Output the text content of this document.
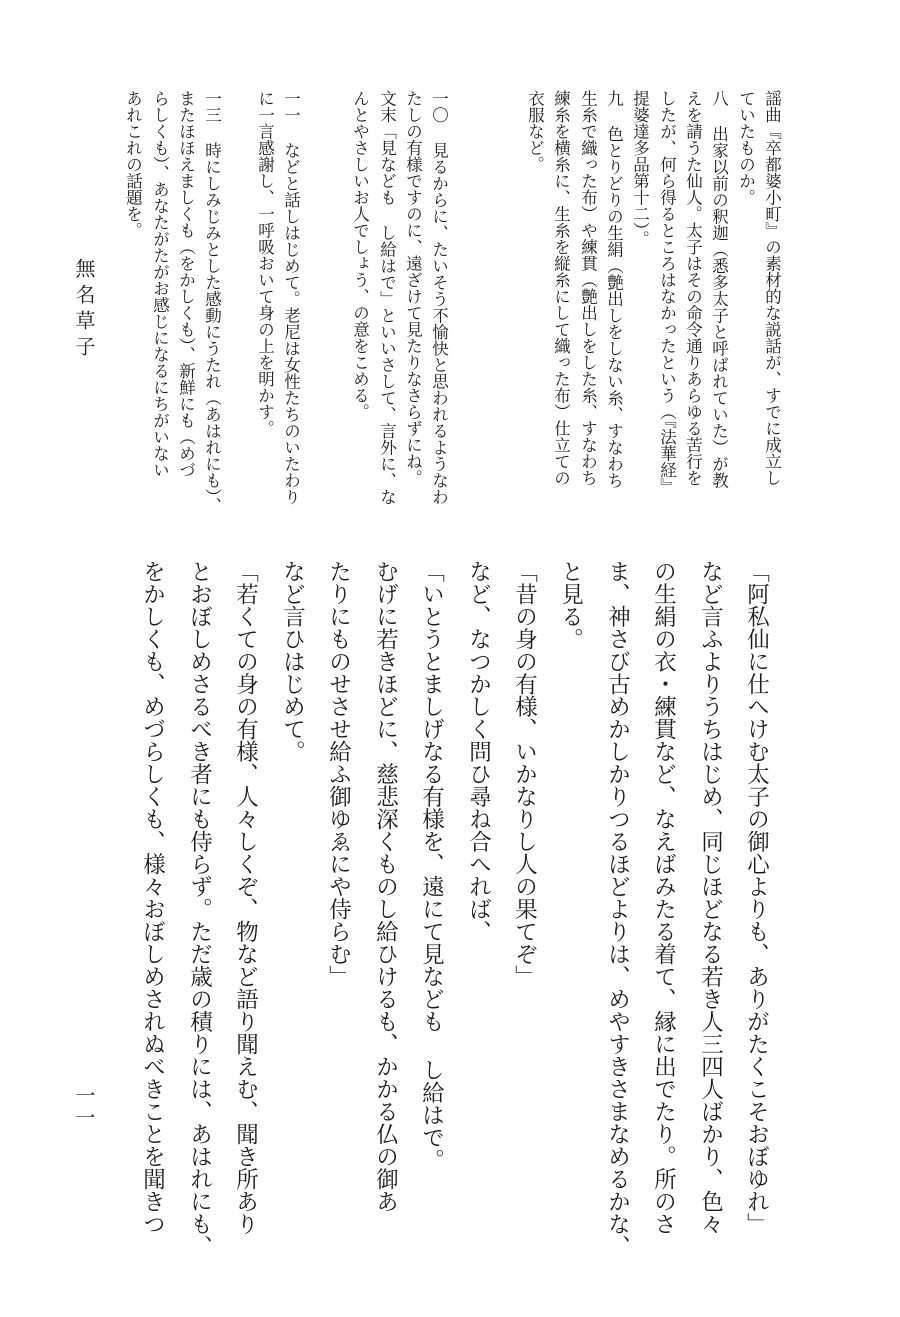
無名草子
一一
謡曲『卒都婆小町』の素材的な説話が、すでに成立し
ていたものか。
八 出家以前の釈迦（悉多太子と呼ばれていた）が教
えを請うた仙人。太子はその命令通りあらゆる苦行を
したが、何ら得るところはなかったという（『法華経』
提婆達多品第十二）。
九 色とりどりの生絹（艶出しをしない糸、すなわち
生糸で織った布）や練貫（艶出しをした糸、すなわち
練糸を横糸に、生糸を縦糸にして織った布）仕立ての
衣服など。
一〇 見るからに、たいそう不愉快と思われるようなわ
たしの有様ですのに、遠ざけて見たりなさらずにね。
文末「見なども し給はで」といいさして、言外に、な
んとやさしいお人でしょう、の意をこめる。
一一 などと話しはじめて。老尼は女性たちのいたわり
に一言感謝し、一呼吸おいて身の上を明かす。
一三 時にしみじみとした感動にうたれ（あはれにも）、
またほほえましくも（をかしくも）、新鮮にも（めづ
らしくも）、あなたがたがお感じになるにちがいない
あれこれの話題を。
「阿私仙に仕へけむ太子の御心よりも、ありがたくこそおぼゆれ」
など言ふよりうちはじめ、同じほどなる若き人三四人ばかり、色々
の生絹の衣・練貫など、なえばみたる着て、縁に出でたり。所のさ
ま、神さび古めかしかりつるほどよりは、めやすきさまなめるかな、
と見る。
「昔の身の有様、いかなりし人の果てぞ」
など、なつかしく問ひ尋ね合へれば、
「いとうとましげなる有様を、遠にて見なども し給はで。
むげに若きほどに、慈悲深くものし給ひけるも、かかる仏の御あ
たりにものせさせ給ふ御ゆゑにや侍らむ」
など言ひはじめて。
「若くての身の有様、人々しくぞ、物など語り聞えむ、聞き所あり
とおぼしめさるべき者にも侍らず。ただ歳の積りには、あはれにも、
をかしくも、めづらしくも、様々おぼしめされぬべきことを聞きつ
